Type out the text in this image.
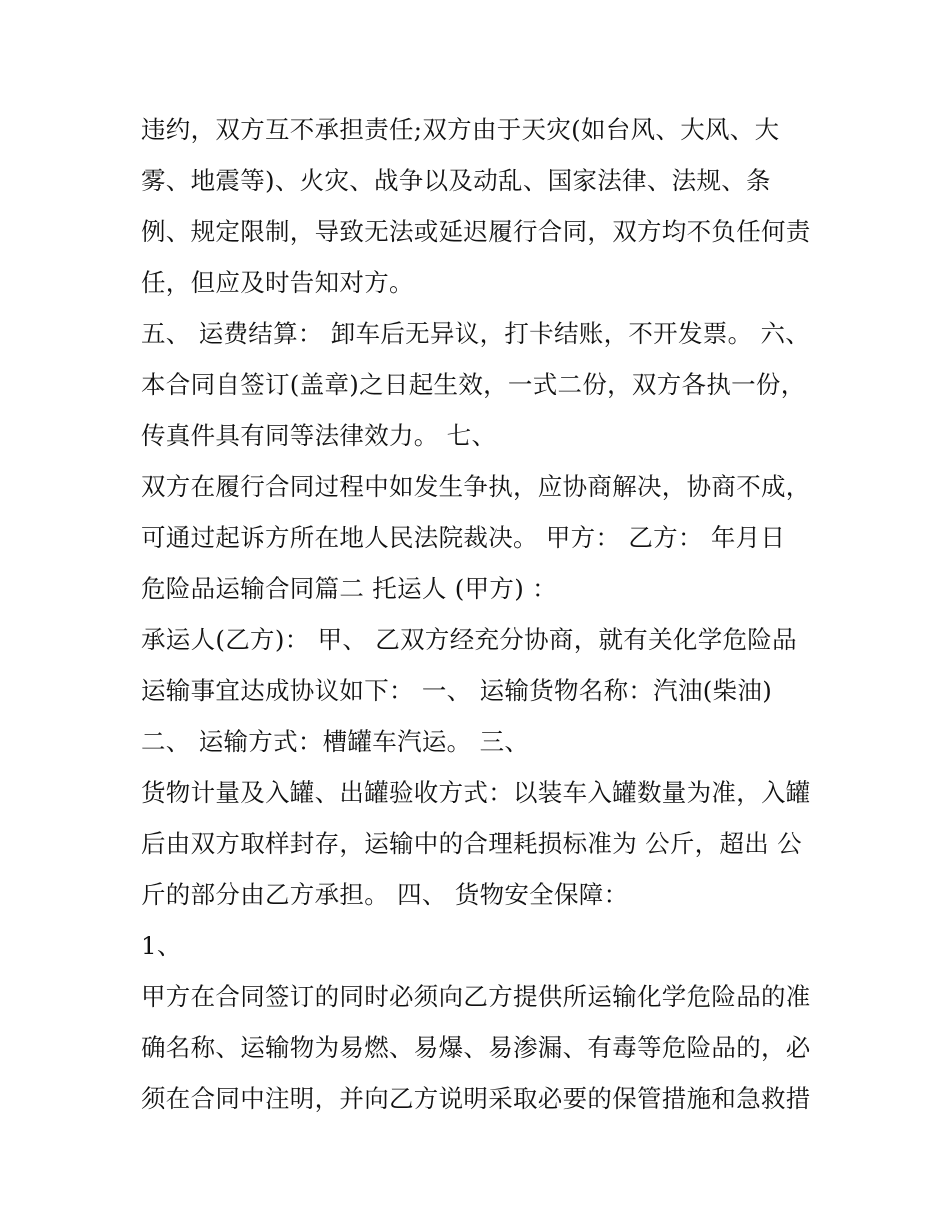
违约，双方互不承担责任;双方由于天灾(如台风、大风、大
雾、地震等)、火灾、战争以及动乱、国家法律、法规、条
例、规定限制，导致无法或延迟履行合同，双方均不负任何责
任，但应及时告知对方。
五、 运费结算： 卸车后无异议，打卡结账，不开发票。 六、
本合同自签订(盖章)之日起生效，一式二份，双方各执一份，
传真件具有同等法律效力。 七、
双方在履行合同过程中如发生争执，应协商解决，协商不成，
可通过起诉方所在地人民法院裁决。 甲方： 乙方： 年月日
危险品运输合同篇二 托运人 (甲方) ：
承运人(乙方)： 甲、 乙双方经充分协商，就有关化学危险品
运输事宜达成协议如下： 一、 运输货物名称：汽油(柴油)
二、 运输方式：槽罐车汽运。 三、
货物计量及入罐、出罐验收方式：以装车入罐数量为准，入罐
后由双方取样封存，运输中的合理耗损标准为 公斤，超出 公
斤的部分由乙方承担。 四、 货物安全保障：
1、
甲方在合同签订的同时必须向乙方提供所运输化学危险品的准
确名称、运输物为易燃、易爆、易渗漏、有毒等危险品的，必
须在合同中注明，并向乙方说明采取必要的保管措施和急救措
